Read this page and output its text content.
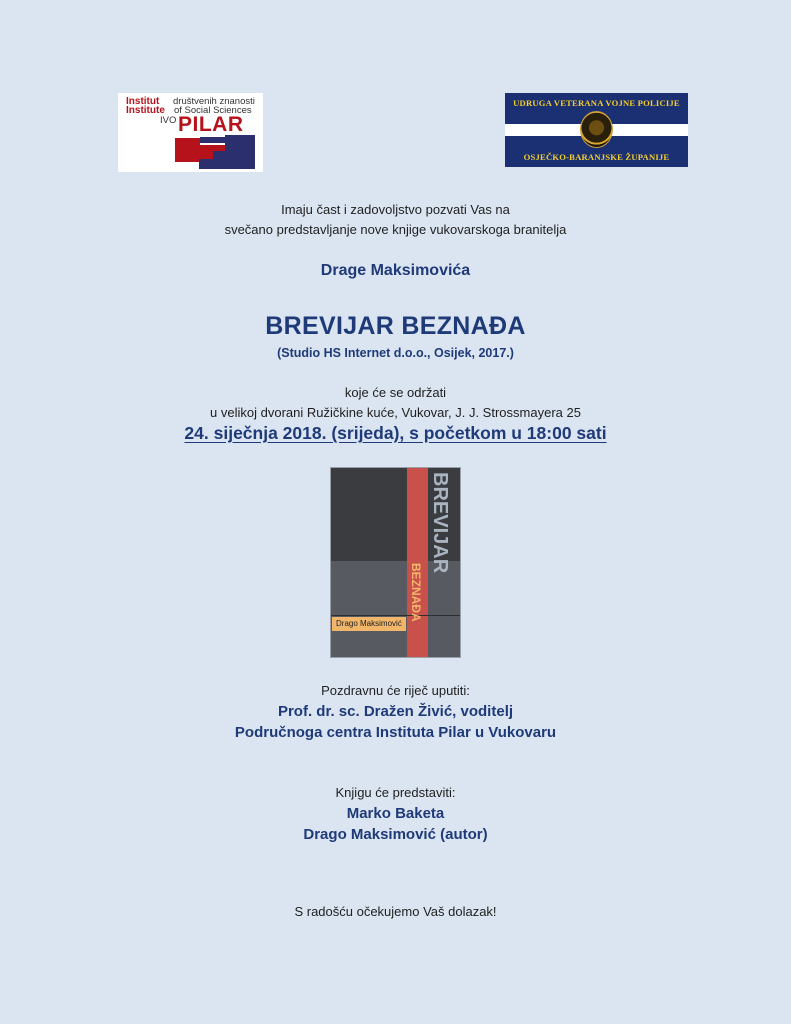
Institut društvenih znanosti
Institute of Social Sciences
IVO PILAR
UDRUGA VETERANA VOJNE POLICIJE
OSJEČKO-BARANJSKE ŽUPANIJE
Imaju čast i zadovoljstvo pozvati Vas na
svečano predstavljanje nove knjige vukovarskoga branitelja
Drage Maksimovića
BREVIJAR BEZNAĐA
(Studio HS Internet d.o.o., Osijek, 2017.)
koje će se održati
u velikoj dvorani Ružičkine kuće, Vukovar, J. J. Strossmayera 25
24. siječnja 2018. (srijeda), s početkom u 18:00 sati
BREVIJAR
BEZNAĐA
Drago Maksimović
Pozdravnu će riječ uputiti:
Prof. dr. sc. Dražen Živić, voditelj
Područnoga centra Instituta Pilar u Vukovaru
Knjigu će predstaviti:
Marko Baketa
Drago Maksimović (autor)
S radošću očekujemo Vaš dolazak!
